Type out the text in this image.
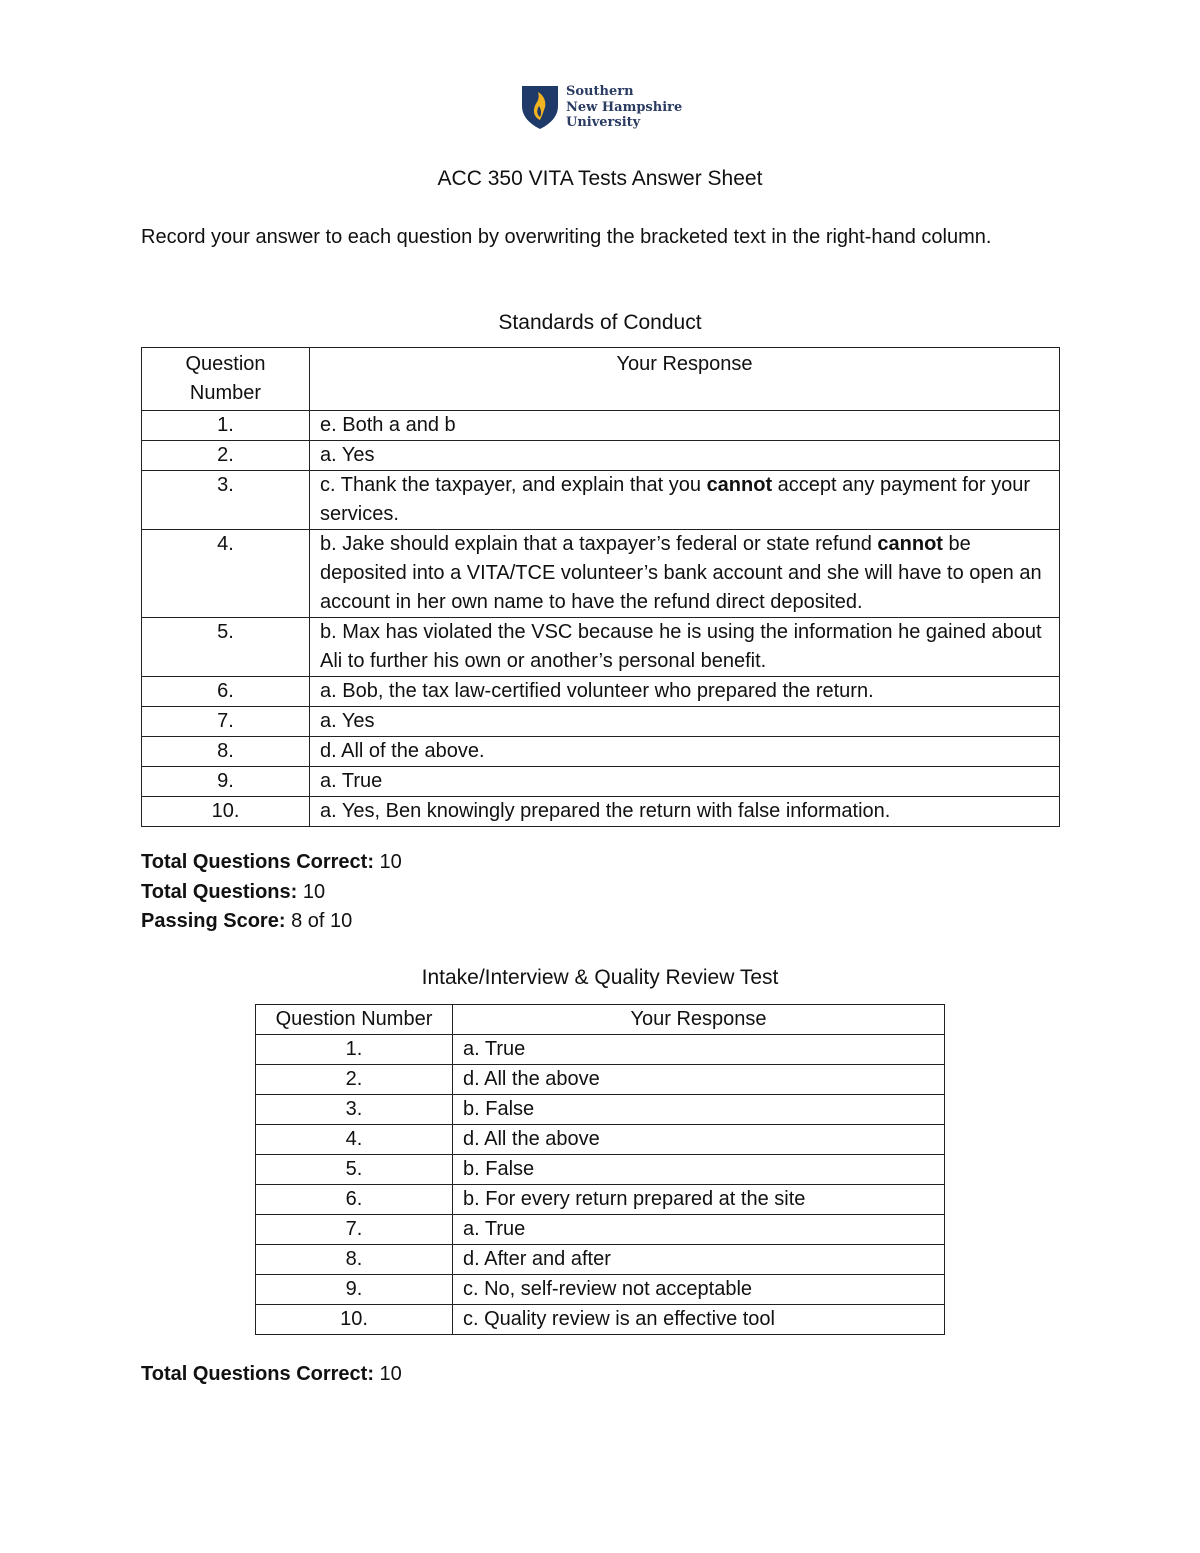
Southern
New Hampshire
University
ACC 350 VITA Tests Answer Sheet
Record your answer to each question by overwriting the bracketed text in the right-hand column.
Standards of Conduct
Question Number	Your Response
1.	e. Both a and b
2.	a. Yes
3.	c. Thank the taxpayer, and explain that you cannot accept any payment for your services.
4.	b. Jake should explain that a taxpayer’s federal or state refund cannot be deposited into a VITA/TCE volunteer’s bank account and she will have to open an account in her own name to have the refund direct deposited.
5.	b. Max has violated the VSC because he is using the information he gained about Ali to further his own or another’s personal benefit.
6.	a. Bob, the tax law-certified volunteer who prepared the return.
7.	a. Yes
8.	d. All of the above.
9.	a. True
10.	a. Yes, Ben knowingly prepared the return with false information.
Total Questions Correct: 10
Total Questions: 10
Passing Score: 8 of 10
Intake/Interview & Quality Review Test
Question Number	Your Response
1.	a. True
2.	d. All the above
3.	b. False
4.	d. All the above
5.	b. False
6.	b. For every return prepared at the site
7.	a. True
8.	d. After and after
9.	c. No, self-review not acceptable
10.	c. Quality review is an effective tool
Total Questions Correct: 10
